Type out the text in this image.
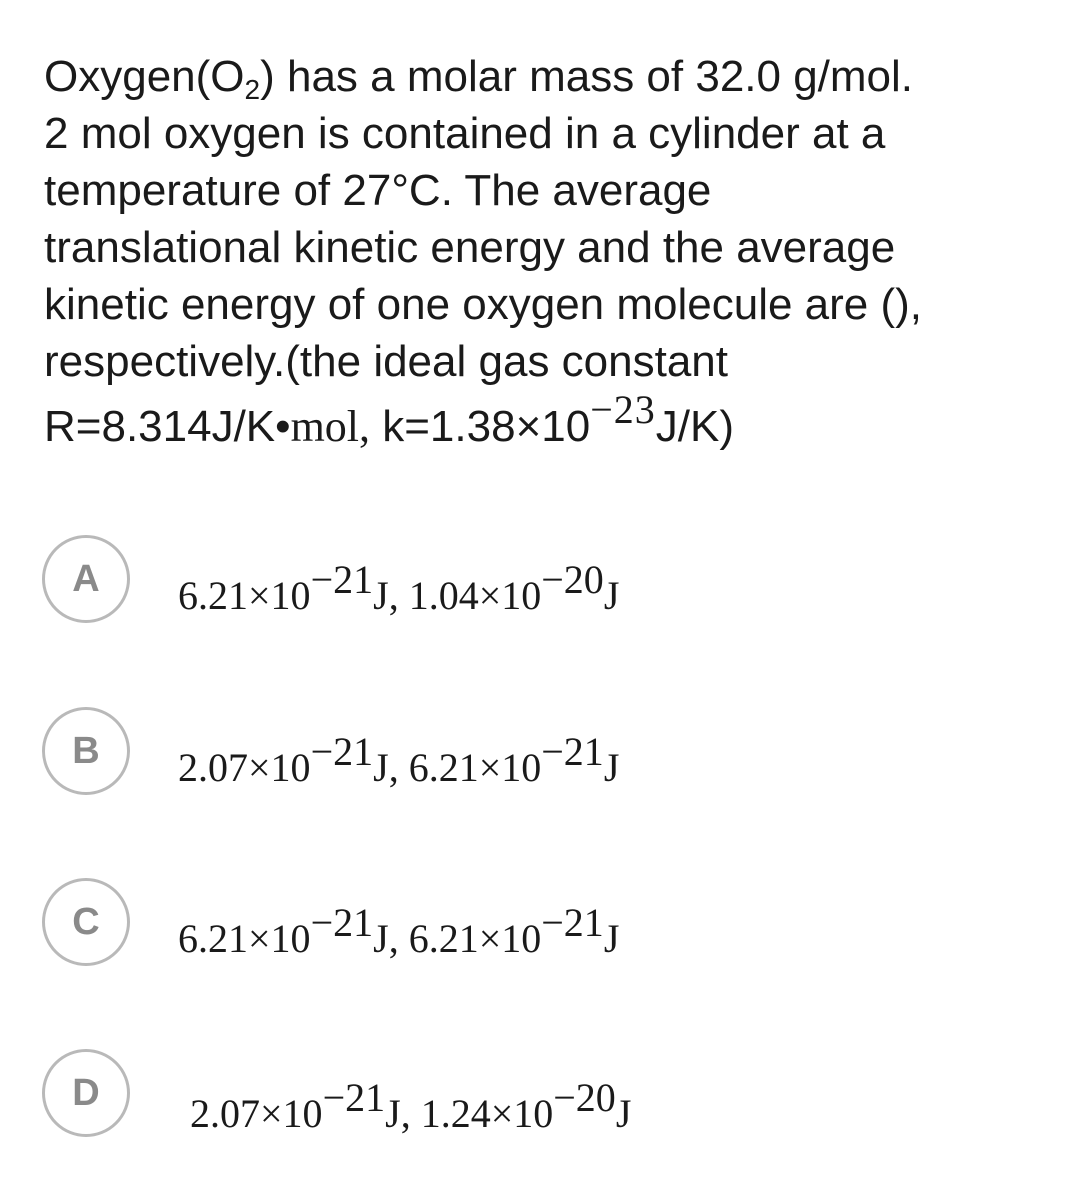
$Oxygen(O_2)$ has a molar mass of 32.0 g/mol.
2 mol oxygen is contained in a cylinder at a
temperature of 27°C. The average
translational kinetic energy and the average
kinetic energy of one oxygen molecule are (),
respectively.(the ideal gas constant
R=8.314J/K•mol, $k=1.38\times 10^{-23}J/K$)
A	$6.21\times 10^{-21}J$, $1.04\times 10^{-20}J$
B	$2.07\times 10^{-21}J$, $6.21\times 10^{-21}J$
C	$6.21\times 10^{-21}J$, $6.21\times 10^{-21}J$
D	$2.07\times 10^{-21}J$, $1.24\times 10^{-20}J$
